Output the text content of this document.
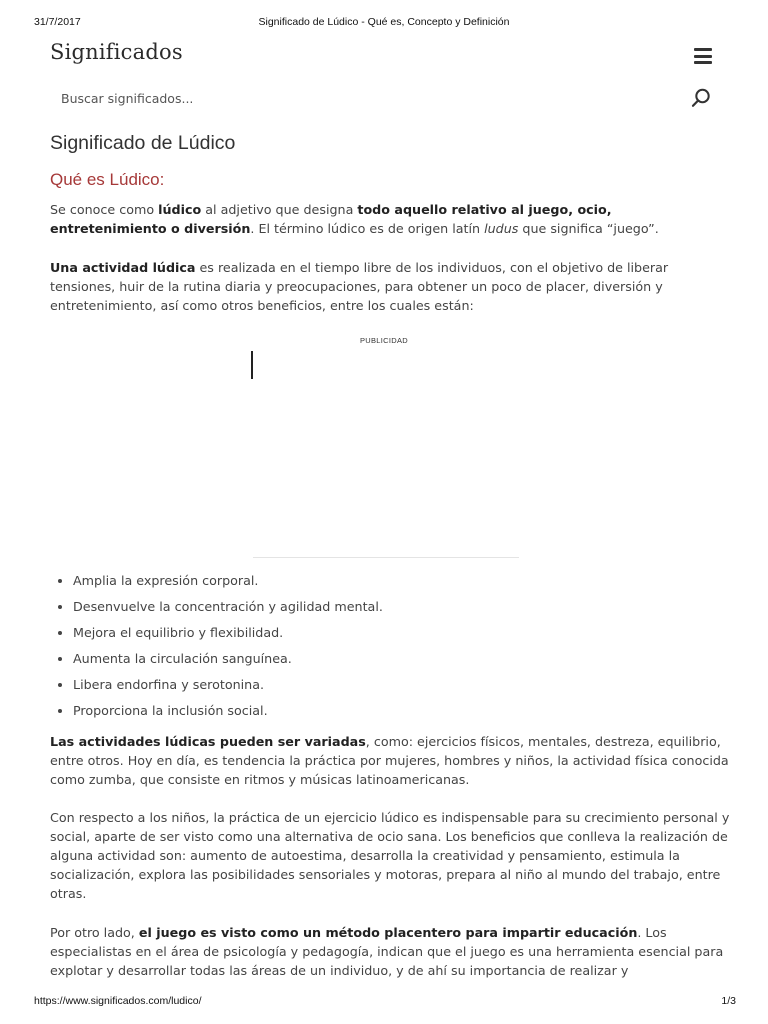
31/7/2017	Significado de Lúdico - Qué es, Concepto y Definición
Significados
Buscar significados...
Significado de Lúdico
Qué es Lúdico:

Se conoce como lúdico al adjetivo que designa todo aquello relativo al juego, ocio, entretenimiento o diversión. El término lúdico es de origen latín ludus que significa “juego”.

Una actividad lúdica es realizada en el tiempo libre de los individuos, con el objetivo de liberar tensiones, huir de la rutina diaria y preocupaciones, para obtener un poco de placer, diversión y entretenimiento, así como otros beneficios, entre los cuales están:

PUBLICIDAD
• Amplia la expresión corporal.
• Desenvuelve la concentración y agilidad mental.
• Mejora el equilibrio y flexibilidad.
• Aumenta la circulación sanguínea.
• Libera endorfina y serotonina.
• Proporciona la inclusión social.

Las actividades lúdicas pueden ser variadas, como: ejercicios físicos, mentales, destreza, equilibrio, entre otros. Hoy en día, es tendencia la práctica por mujeres, hombres y niños, la actividad física conocida como zumba, que consiste en ritmos y músicas latinoamericanas.

Con respecto a los niños, la práctica de un ejercicio lúdico es indispensable para su crecimiento personal y social, aparte de ser visto como una alternativa de ocio sana. Los beneficios que conlleva la realización de alguna actividad son: aumento de autoestima, desarrolla la creatividad y pensamiento, estimula la socialización, explora las posibilidades sensoriales y motoras, prepara al niño al mundo del trabajo, entre otras.

Por otro lado, el juego es visto como un método placentero para impartir educación. Los especialistas en el área de psicología y pedagogía, indican que el juego es una herramienta esencial para explotar y desarrollar todas las áreas de un individuo, y de ahí su importancia de realizar y

https://www.significados.com/ludico/	1/3
